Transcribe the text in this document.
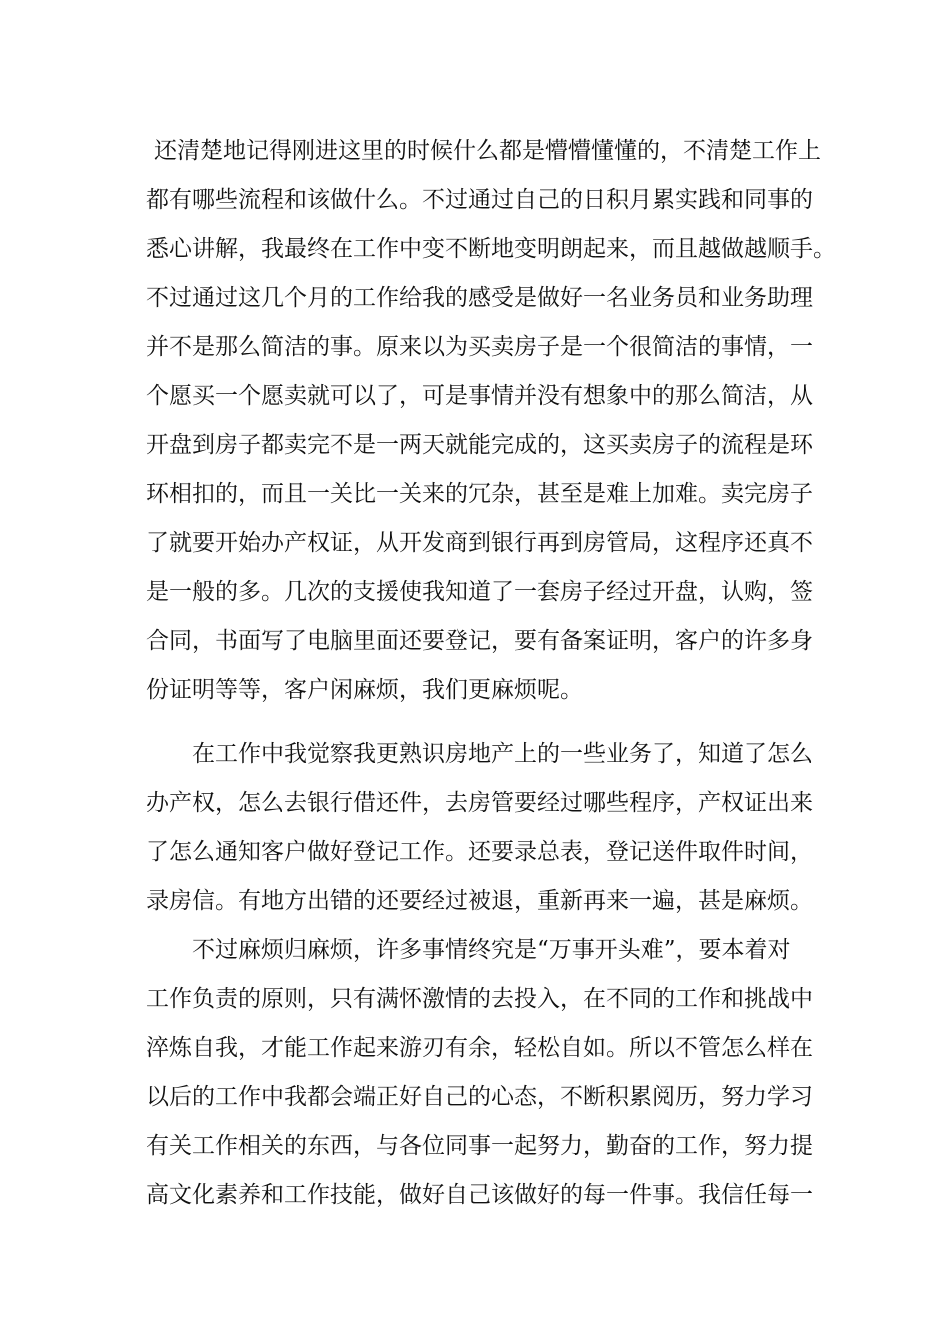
还清楚地记得刚进这里的时候什么都是懵懵懂懂的，不清楚工作上

都有哪些流程和该做什么。不过通过自己的日积月累实践和同事的

悉心讲解，我最终在工作中变不断地变明朗起来，而且越做越顺手。

不过通过这几个月的工作给我的感受是做好一名业务员和业务助理

并不是那么简洁的事。原来以为买卖房子是一个很简洁的事情，一

个愿买一个愿卖就可以了，可是事情并没有想象中的那么简洁，从

开盘到房子都卖完不是一两天就能完成的，这买卖房子的流程是环

环相扣的，而且一关比一关来的冗杂，甚至是难上加难。卖完房子

了就要开始办产权证，从开发商到银行再到房管局，这程序还真不

是一般的多。几次的支援使我知道了一套房子经过开盘，认购，签

合同，书面写了电脑里面还要登记，要有备案证明，客户的许多身

份证明等等，客户闲麻烦，我们更麻烦呢。

在工作中我觉察我更熟识房地产上的一些业务了，知道了怎么

办产权，怎么去银行借还件，去房管要经过哪些程序，产权证出来

了怎么通知客户做好登记工作。还要录总表，登记送件取件时间，

录房信。有地方出错的还要经过被退，重新再来一遍，甚是麻烦。

不过麻烦归麻烦，许多事情终究是“万事开头难”，要本着对

工作负责的原则，只有满怀激情的去投入，在不同的工作和挑战中

淬炼自我，才能工作起来游刃有余，轻松自如。所以不管怎么样在

以后的工作中我都会端正好自己的心态，不断积累阅历，努力学习

有关工作相关的东西，与各位同事一起努力，勤奋的工作，努力提

高文化素养和工作技能，做好自己该做好的每一件事。我信任每一
